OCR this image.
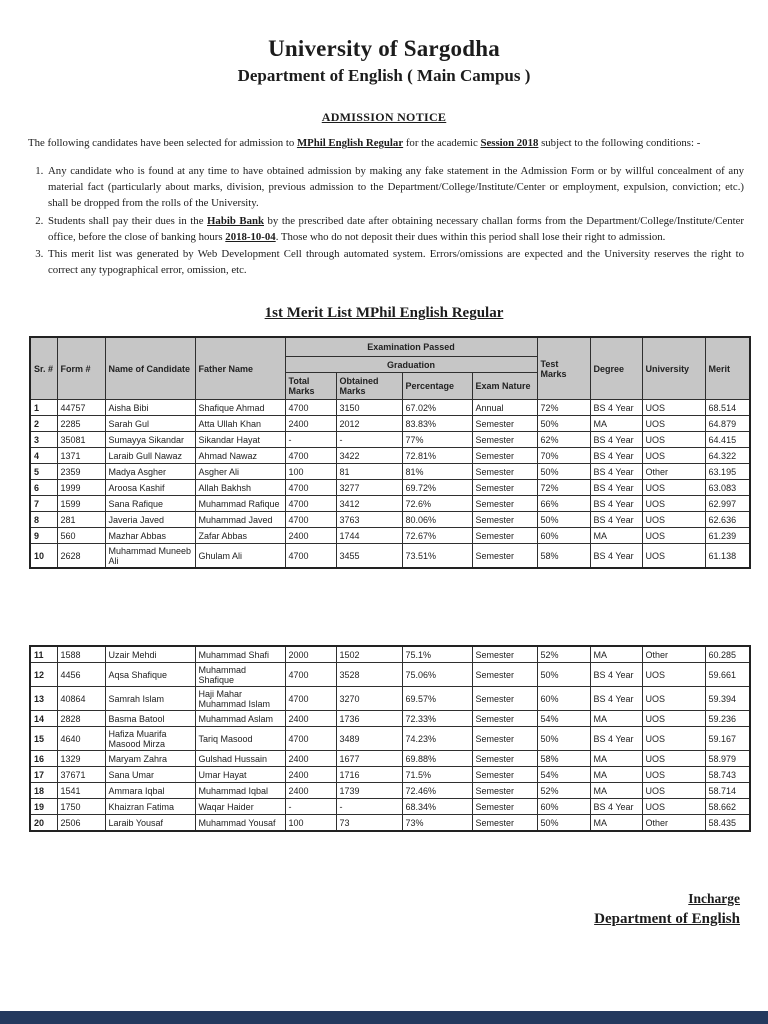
University of Sargodha
Department of English ( Main Campus )
ADMISSION NOTICE

The following candidates have been selected for admission to MPhil English Regular for the academic Session 2018 subject to the following conditions: -

1. Any candidate who is found at any time to have obtained admission by making any fake statement in the Admission Form or by willful concealment of any material fact (particularly about marks, division, previous admission to the Department/College/Institute/Center or employment, expulsion, conviction; etc.) shall be dropped from the rolls of the University.
2. Students shall pay their dues in the Habib Bank by the prescribed date after obtaining necessary challan forms from the Department/College/Institute/Center office, before the close of banking hours 2018-10-04. Those who do not deposit their dues within this period shall lose their right to admission.
3. This merit list was generated by Web Development Cell through automated system. Errors/omissions are expected and the University reserves the right to correct any typographical error, omission, etc.
1st Merit List MPhil English Regular
Sr. #	Form #	Name of Candidate	Father Name	Examination Passed				Test Marks	Degree	University	Merit
				Graduation							
				Total Marks	Obtained Marks	Percentage	Exam Nature				
1	44757	Aisha Bibi	Shafique Ahmad	4700	3150	67.02%	Annual	72%	BS 4 Year	UOS	68.514
2	2285	Sarah Gul	Atta Ullah Khan	2400	2012	83.83%	Semester	50%	MA	UOS	64.879
3	35081	Sumayya Sikandar	Sikandar Hayat	-	-	77%	Semester	62%	BS 4 Year	UOS	64.415
4	1371	Laraib Gull Nawaz	Ahmad Nawaz	4700	3422	72.81%	Semester	70%	BS 4 Year	UOS	64.322
5	2359	Madya Asgher	Asgher Ali	100	81	81%	Semester	50%	BS 4 Year	Other	63.195
6	1999	Aroosa Kashif	Allah Bakhsh	4700	3277	69.72%	Semester	72%	BS 4 Year	UOS	63.083
7	1599	Sana Rafique	Muhammad Rafique	4700	3412	72.6%	Semester	66%	BS 4 Year	UOS	62.997
8	281	Javeria Javed	Muhammad Javed	4700	3763	80.06%	Semester	50%	BS 4 Year	UOS	62.636
9	560	Mazhar Abbas	Zafar Abbas	2400	1744	72.67%	Semester	60%	MA	UOS	61.239
10	2628	Muhammad Muneeb Ali	Ghulam Ali	4700	3455	73.51%	Semester	58%	BS 4 Year	UOS	61.138
11	1588	Uzair Mehdi	Muhammad Shafi	2000	1502	75.1%	Semester	52%	MA	Other	60.285
12	4456	Aqsa Shafique	Muhammad Shafique	4700	3528	75.06%	Semester	50%	BS 4 Year	UOS	59.661
13	40864	Samrah Islam	Haji Mahar Muhammad Islam	4700	3270	69.57%	Semester	60%	BS 4 Year	UOS	59.394
14	2828	Basma Batool	Muhammad Aslam	2400	1736	72.33%	Semester	54%	MA	UOS	59.236
15	4640	Hafiza Muarifa Masood Mirza	Tariq Masood	4700	3489	74.23%	Semester	50%	BS 4 Year	UOS	59.167
16	1329	Maryam Zahra	Gulshad Hussain	2400	1677	69.88%	Semester	58%	MA	UOS	58.979
17	37671	Sana Umar	Umar Hayat	2400	1716	71.5%	Semester	54%	MA	UOS	58.743
18	1541	Ammara Iqbal	Muhammad Iqbal	2400	1739	72.46%	Semester	52%	MA	UOS	58.714
19	1750	Khaizran Fatima	Waqar Haider	-	-	68.34%	Semester	60%	BS 4 Year	UOS	58.662
20	2506	Laraib Yousaf	Muhammad Yousaf	100	73	73%	Semester	50%	MA	Other	58.435
Incharge
Department of English
